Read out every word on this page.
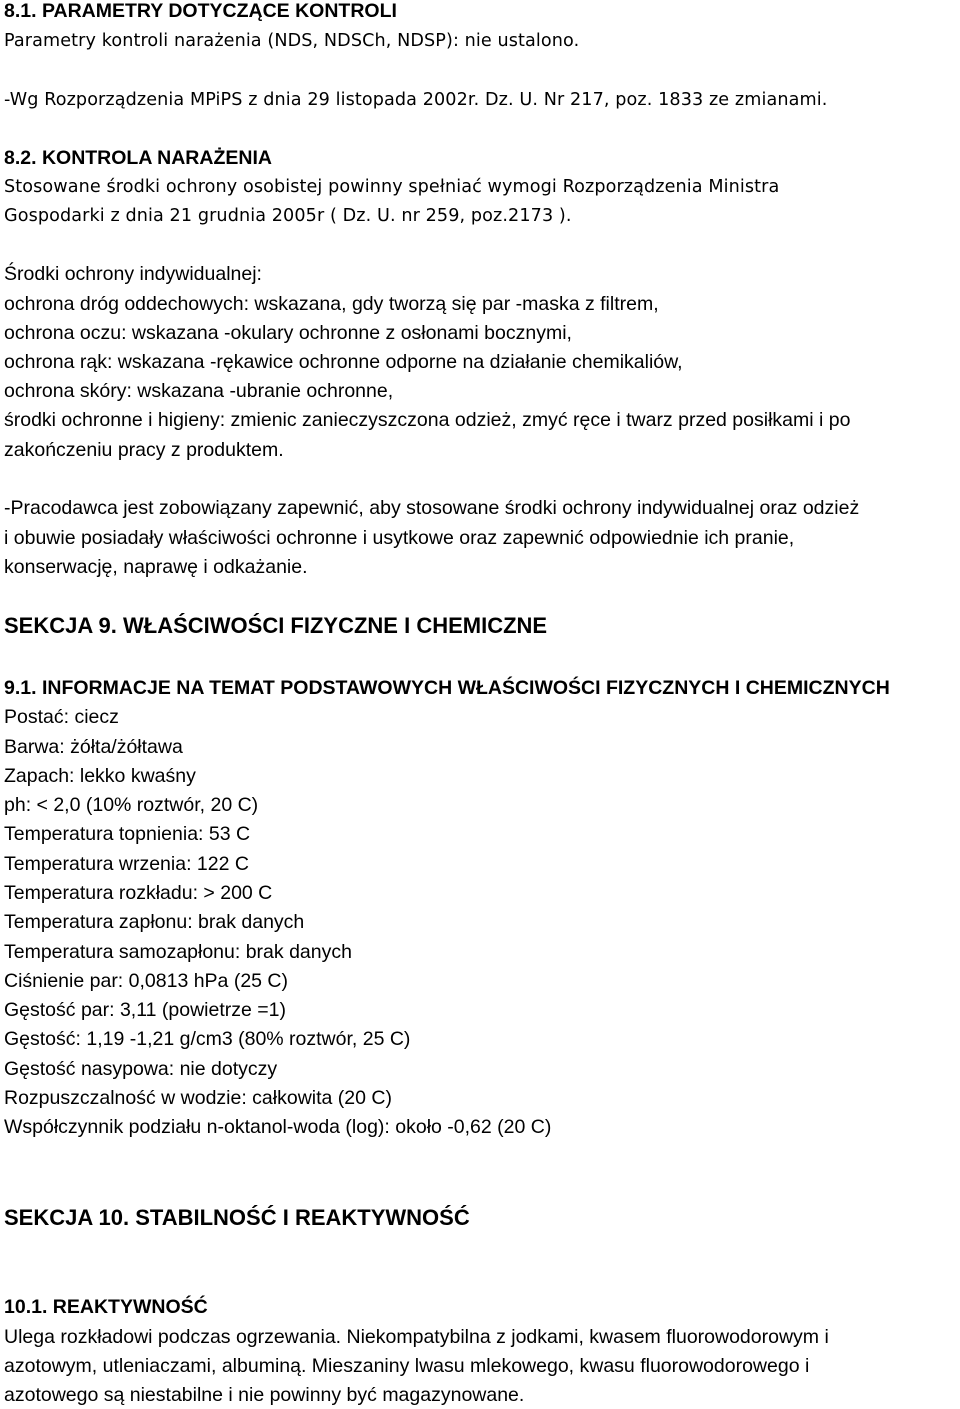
8.1. PARAMETRY DOTYCZĄCE KONTROLI
Parametry kontroli narażenia (NDS, NDSCh, NDSP): nie ustalono.
-Wg Rozporządzenia MPiPS z dnia 29 listopada 2002r. Dz. U. Nr 217, poz. 1833 ze zmianami.
8.2. KONTROLA NARAŻENIA
Stosowane środki ochrony osobistej powinny spełniać wymogi Rozporządzenia Ministra
Gospodarki z dnia 21 grudnia 2005r ( Dz. U. nr 259, poz.2173 ).
Środki ochrony indywidualnej:
ochrona dróg oddechowych: wskazana, gdy tworzą się par -maska z filtrem,
ochrona oczu: wskazana -okulary ochronne z osłonami bocznymi,
ochrona rąk: wskazana -rękawice ochronne odporne na działanie chemikaliów,
ochrona skóry: wskazana -ubranie ochronne,
środki ochronne i higieny: zmienic zanieczyszczona odzież, zmyć ręce i twarz przed posiłkami i po
zakończeniu pracy z produktem.
-Pracodawca jest zobowiązany zapewnić, aby stosowane środki ochrony indywidualnej oraz odzież
i obuwie posiadały właściwości ochronne i usytkowe oraz zapewnić odpowiednie ich pranie,
konserwację, naprawę i odkażanie.
SEKCJA 9. WŁAŚCIWOŚCI FIZYCZNE I CHEMICZNE
9.1. INFORMACJE NA TEMAT PODSTAWOWYCH WŁAŚCIWOŚCI FIZYCZNYCH I CHEMICZNYCH
Postać: ciecz
Barwa: żółta/żółtawa
Zapach: lekko kwaśny
ph: < 2,0 (10% roztwór, 20 C)
Temperatura topnienia: 53 C
Temperatura wrzenia: 122 C
Temperatura rozkładu: > 200 C
Temperatura zapłonu: brak danych
Temperatura samozapłonu: brak danych
Ciśnienie par: 0,0813 hPa (25 C)
Gęstość par: 3,11 (powietrze =1)
Gęstość: 1,19 -1,21 g/cm3 (80% roztwór, 25 C)
Gęstość nasypowa: nie dotyczy
Rozpuszczalność w wodzie: całkowita (20 C)
Współczynnik podziału n-oktanol-woda (log): około -0,62 (20 C)
SEKCJA 10. STABILNOŚĆ I REAKTYWNOŚĆ
10.1. REAKTYWNOŚĆ
Ulega rozkładowi podczas ogrzewania. Niekompatybilna z jodkami, kwasem fluorowodorowym i
azotowym, utleniaczami, albuminą. Mieszaniny lwasu mlekowego, kwasu fluorowodorowego i
azotowego są niestabilne i nie powinny być magazynowane.
